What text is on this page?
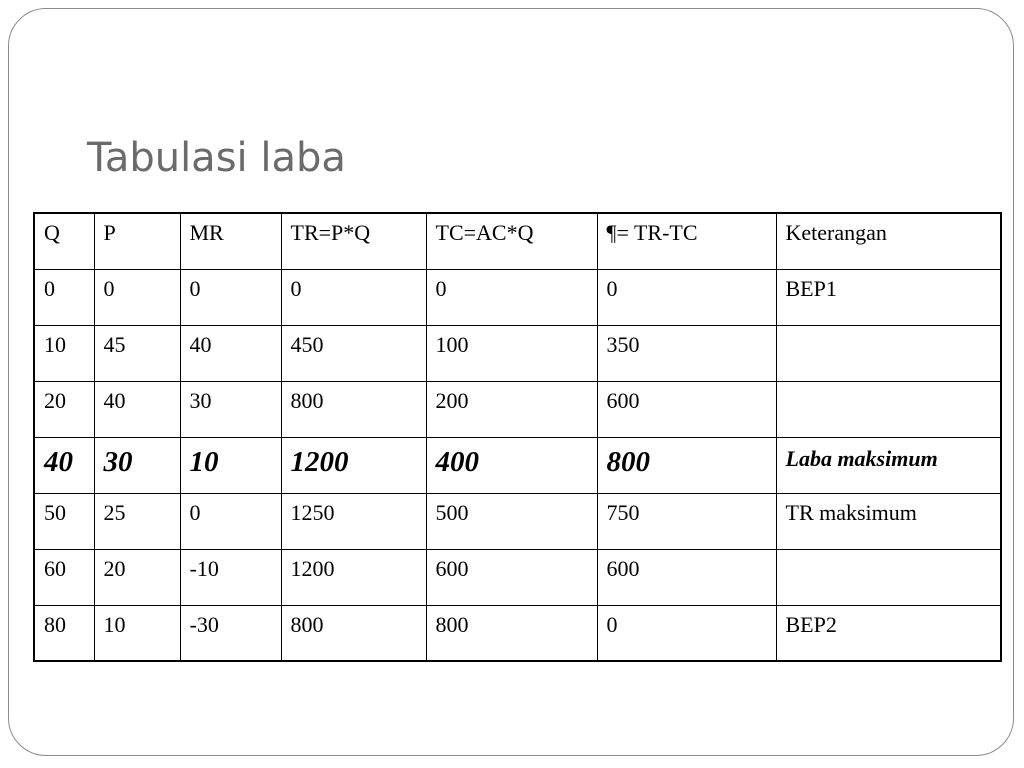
Tabulasi laba
Q	P	MR	TR=P*Q	TC=AC*Q	¶= TR-TC	Keterangan
0	0	0	0	0	0	BEP1
10	45	40	450	100	350	
20	40	30	800	200	600	
40	30	10	1200	400	800	Laba maksimum
50	25	0	1250	500	750	TR maksimum
60	20	-10	1200	600	600	
80	10	-30	800	800	0	BEP2
